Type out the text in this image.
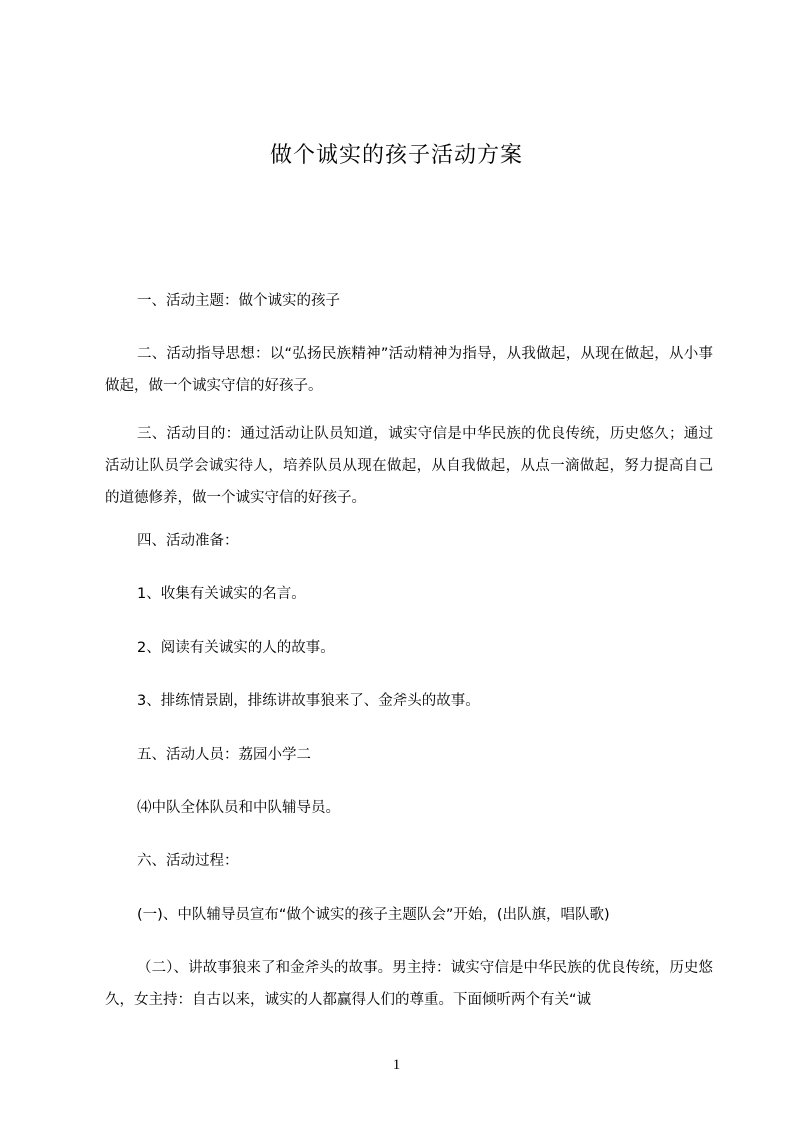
做个诚实的孩子活动方案
一、活动主题：做个诚实的孩子
二、活动指导思想：以“弘扬民族精神”活动精神为指导，从我做起，从现在做起，从小事做起，做一个诚实守信的好孩子。
三、活动目的：通过活动让队员知道，诚实守信是中华民族的优良传统，历史悠久；通过活动让队员学会诚实待人，培养队员从现在做起，从自我做起，从点一滴做起，努力提高自己的道德修养，做一个诚实守信的好孩子。
四、活动准备：
1、收集有关诚实的名言。
2、阅读有关诚实的人的故事。
3、排练情景剧，排练讲故事狼来了、金斧头的故事。
五、活动人员：荔园小学二
⑷中队全体队员和中队辅导员。
六、活动过程：
(一)、中队辅导员宣布“做个诚实的孩子主题队会”开始，(出队旗，唱队歌)
（二）、讲故事狼来了和金斧头的故事。男主持：诚实守信是中华民族的优良传统，历史悠久，女主持：自古以来，诚实的人都赢得人们的尊重。下面倾听两个有关“诚
1
